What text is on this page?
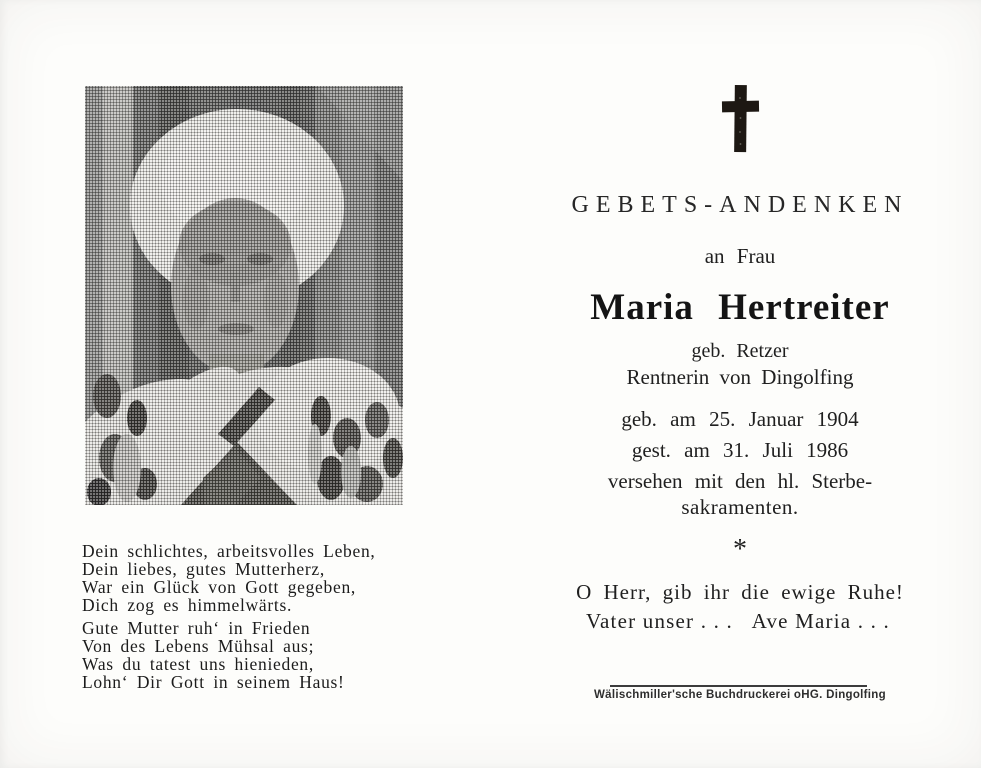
Dein schlichtes, arbeitsvolles Leben,
Dein liebes, gutes Mutterherz,
War ein Glück von Gott gegeben,
Dich zog es himmelwärts.
Gute Mutter ruh‘ in Frieden
Von des Lebens Mühsal aus;
Was du tatest uns hienieden,
Lohn‘ Dir Gott in seinem Haus!
GEBETS-ANDENKEN
an Frau
Maria Hertreiter
geb. Retzer
Rentnerin von Dingolfing
geb. am 25. Januar 1904
gest. am 31. Juli 1986
versehen mit den hl. Sterbe-
sakramenten.
*
O Herr, gib ihr die ewige Ruhe!
Vater unser . . . Ave Maria . . .
Wälischmiller'sche Buchdruckerei oHG. Dingolfing
